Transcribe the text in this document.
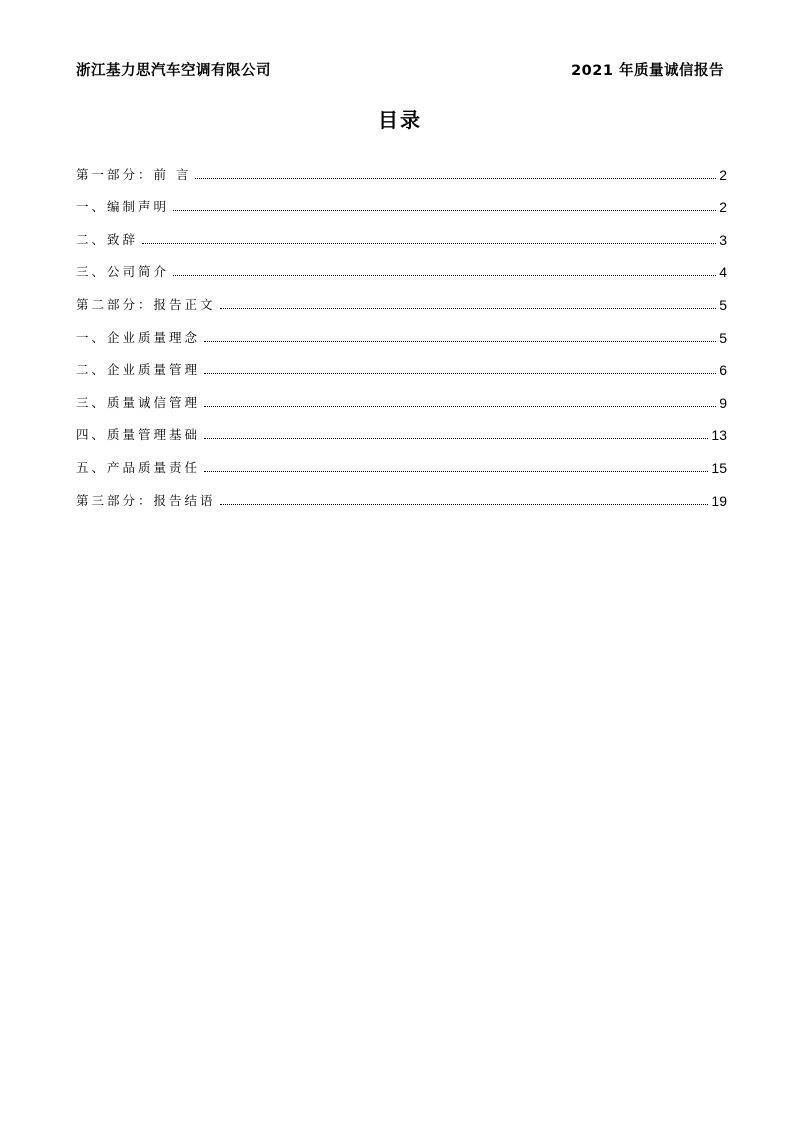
浙江基力思汽车空调有限公司	2021 年质量诚信报告
目录
第一部分：前 言	2
一、编制声明	2
二、致辞	3
三、公司简介	4
第二部分：报告正文	5
一、企业质量理念	5
二、企业质量管理	6
三、质量诚信管理	9
四、质量管理基础	13
五、产品质量责任	15
第三部分：报告结语	19
